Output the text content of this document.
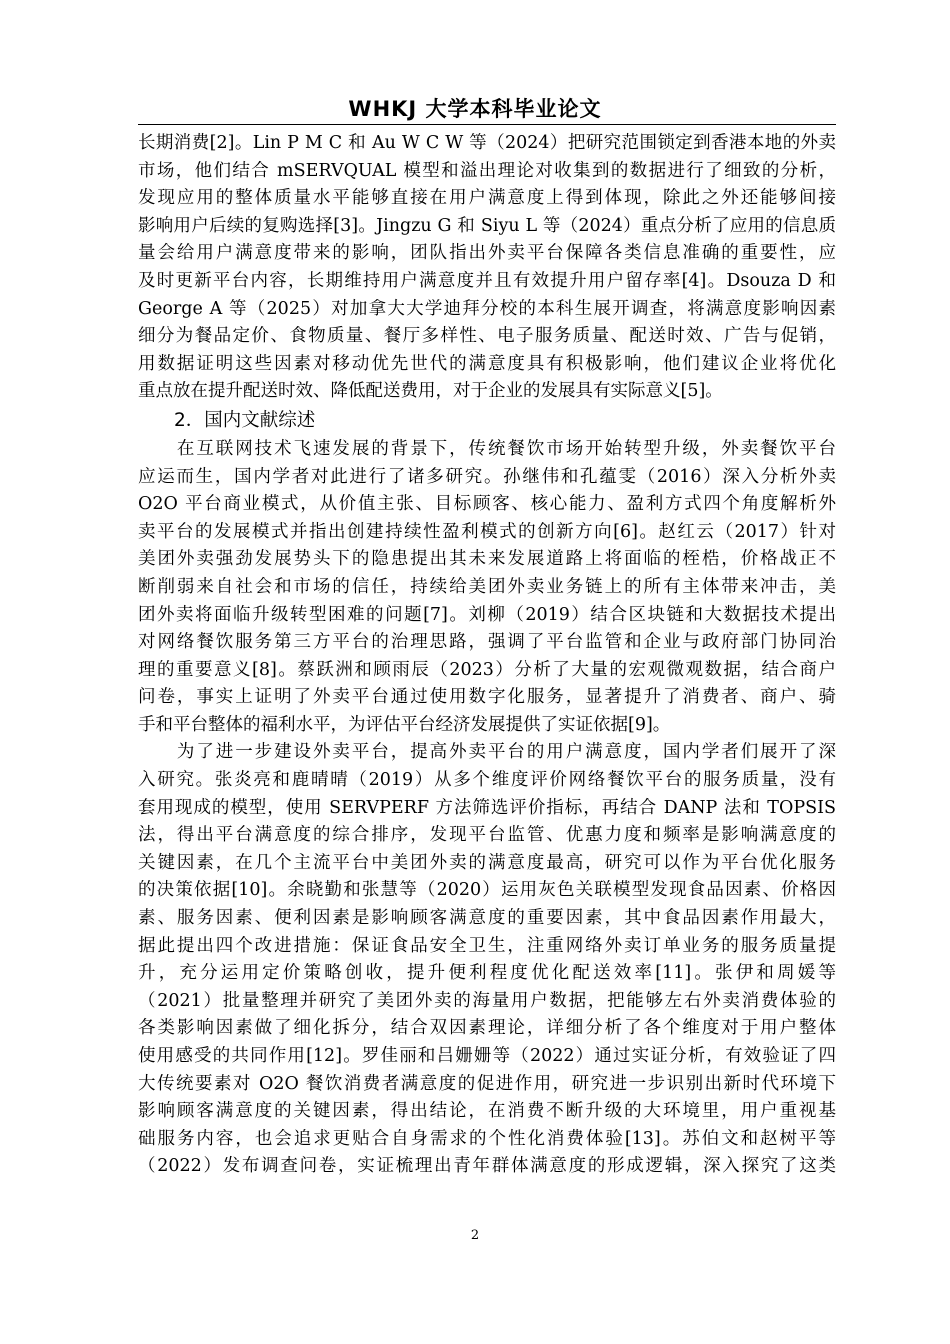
WHKJ 大学本科毕业论文
长期消费[2]。Lin P M C 和 Au W C W 等（2024）把研究范围锁定到香港本地的外卖
市场，他们结合 mSERVQUAL 模型和溢出理论对收集到的数据进行了细致的分析，
发现应用的整体质量水平能够直接在用户满意度上得到体现，除此之外还能够间接
影响用户后续的复购选择[3]。Jingzu G 和 Siyu L 等（2024）重点分析了应用的信息质
量会给用户满意度带来的影响，团队指出外卖平台保障各类信息准确的重要性，应
及时更新平台内容，长期维持用户满意度并且有效提升用户留存率[4]。Dsouza D 和
George A 等（2025）对加拿大大学迪拜分校的本科生展开调查，将满意度影响因素
细分为餐品定价、食物质量、餐厅多样性、电子服务质量、配送时效、广告与促销，
用数据证明这些因素对移动优先世代的满意度具有积极影响，他们建议企业将优化
重点放在提升配送时效、降低配送费用，对于企业的发展具有实际意义[5]。
2．国内文献综述
　　在互联网技术飞速发展的背景下，传统餐饮市场开始转型升级，外卖餐饮平台
应运而生，国内学者对此进行了诸多研究。孙继伟和孔蕴雯（2016）深入分析外卖
O2O 平台商业模式，从价值主张、目标顾客、核心能力、盈利方式四个角度解析外
卖平台的发展模式并指出创建持续性盈利模式的创新方向[6]。赵红云（2017）针对
美团外卖强劲发展势头下的隐患提出其未来发展道路上将面临的桎梏，价格战正不
断削弱来自社会和市场的信任，持续给美团外卖业务链上的所有主体带来冲击，美
团外卖将面临升级转型困难的问题[7]。刘柳（2019）结合区块链和大数据技术提出
对网络餐饮服务第三方平台的治理思路，强调了平台监管和企业与政府部门协同治
理的重要意义[8]。蔡跃洲和顾雨辰（2023）分析了大量的宏观微观数据，结合商户
问卷，事实上证明了外卖平台通过使用数字化服务，显著提升了消费者、商户、骑
手和平台整体的福利水平，为评估平台经济发展提供了实证依据[9]。
　　为了进一步建设外卖平台，提高外卖平台的用户满意度，国内学者们展开了深
入研究。张炎亮和鹿晴晴（2019）从多个维度评价网络餐饮平台的服务质量，没有
套用现成的模型，使用 SERVPERF 方法筛选评价指标，再结合 DANP 法和 TOPSIS
法，得出平台满意度的综合排序，发现平台监管、优惠力度和频率是影响满意度的
关键因素，在几个主流平台中美团外卖的满意度最高，研究可以作为平台优化服务
的决策依据[10]。余晓勤和张慧等（2020）运用灰色关联模型发现食品因素、价格因
素、服务因素、便利因素是影响顾客满意度的重要因素，其中食品因素作用最大，
据此提出四个改进措施：保证食品安全卫生，注重网络外卖订单业务的服务质量提
升，充分运用定价策略创收，提升便利程度优化配送效率[11]。张伊和周媛等
（2021）批量整理并研究了美团外卖的海量用户数据，把能够左右外卖消费体验的
各类影响因素做了细化拆分，结合双因素理论，详细分析了各个维度对于用户整体
使用感受的共同作用[12]。罗佳丽和吕姗姗等（2022）通过实证分析，有效验证了四
大传统要素对 O2O 餐饮消费者满意度的促进作用，研究进一步识别出新时代环境下
影响顾客满意度的关键因素，得出结论，在消费不断升级的大环境里，用户重视基
础服务内容，也会追求更贴合自身需求的个性化消费体验[13]。苏伯文和赵树平等
（2022）发布调查问卷，实证梳理出青年群体满意度的形成逻辑，深入探究了这类
2
